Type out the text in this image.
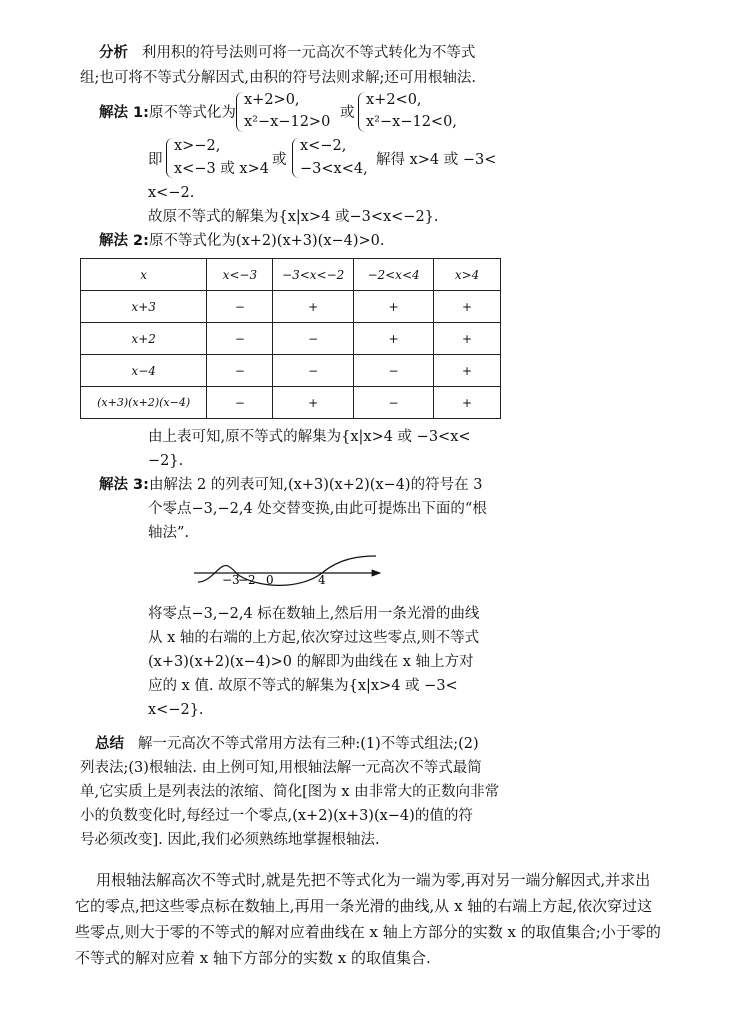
分析 利用积的符号法则可将一元高次不等式转化为不等式
组;也可将不等式分解因式,由积的符号法则求解;还可用根轴法.
解法 1:原不等式化为
x+2>0,
x²−x−12>0
或
x+2<0,
x²−x−12<0,
即
x>−2,
x<−3 或 x>4
或
x<−2,
−3<x<4,
解得 x>4 或 −3<
x<−2.
故原不等式的解集为{x|x>4 或−3<x<−2}.
解法 2:原不等式化为(x+2)(x+3)(x−4)>0.
x	x<−3	−3<x<−2	−2<x<4	x>4
x+3	−	+	+	+
x+2	−	−	+	+
x−4	−	−	−	+
(x+3)(x+2)(x−4)	−	+	−	+
由上表可知,原不等式的解集为{x|x>4 或 −3<x<
−2}.
解法 3:由解法 2 的列表可知,(x+3)(x+2)(x−4)的符号在 3
个零点−3,−2,4 处交替变换,由此可提炼出下面的“根
轴法”.
−3
−2 0	4
将零点−3,−2,4 标在数轴上,然后用一条光滑的曲线
从 x 轴的右端的上方起,依次穿过这些零点,则不等式
(x+3)(x+2)(x−4)>0 的解即为曲线在 x 轴上方对
应的 x 值. 故原不等式的解集为{x|x>4 或 −3<
x<−2}.
总结 解一元高次不等式常用方法有三种:(1)不等式组法;(2)
列表法;(3)根轴法. 由上例可知,用根轴法解一元高次不等式最简
单,它实质上是列表法的浓缩、简化[图为 x 由非常大的正数向非常
小的负数变化时,每经过一个零点,(x+2)(x+3)(x−4)的值的符
号必须改变]. 因此,我们必须熟练地掌握根轴法.
用根轴法解高次不等式时,就是先把不等式化为一端为零,再对另一端分解因式,并求出
它的零点,把这些零点标在数轴上,再用一条光滑的曲线,从 x 轴的右端上方起,依次穿过这
些零点,则大于零的不等式的解对应着曲线在 x 轴上方部分的实数 x 的取值集合;小于零的
不等式的解对应着 x 轴下方部分的实数 x 的取值集合.
